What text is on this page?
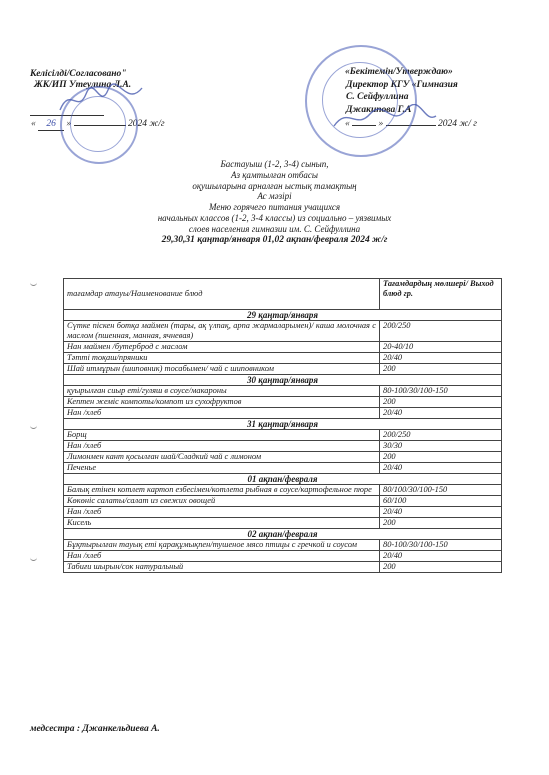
Келісілді/Согласовано"
ЖК/ИП Утеулина Л.А.
« 26 »	2024 ж/г
«Бекітемін/Утверждаю»
Директор КГУ «Гимназия
С. Сейфуллина
Джакипова Г.А
«	»	2024 ж/ г
Бастауыш (1-2, 3-4) сынып,
Аз қамтылған отбасы
оқушыларына арналған ыстық тамақтың
Ас мәзірі
Меню горячего питания учащихся
начальных классов (1-2, 3-4 классы) из социально – уязвимых
слоев населения гимназии им. С. Сейфуллина
29,30,31 қаңтар/января 01,02 ақпан/февраля 2024 ж/г
тағамдар атауы/Наименование блюд	Тағамдардың мөлшері/ Выход блюд гр.
29 қаңтар/января	
Сүтке піскен ботқа маймен (тары, ақ үлпақ, арпа жармаларымен)/ каша молочная с маслом (пшенная, манная, ячневая)	200/250
Нан маймен /бутерброд с маслом	20-40/10
Тәтті тоқаш/пряники	20/40
Шай итмұрын (шиповник) тосабымен/ чай с шиповником	200
30 қаңтар/января	
қуырылған сиыр еті/гуляш в соусе/макароны	80-100/30/100-150
Кептен жеміс компоты/компот из сухофруктов	200
Нан /хлеб	20/40
31 қаңтар/января	
Борщ	200/250
Нан /хлеб	30/30
Лимонмен кант қосылған шай/Сладкий чай с лимоном	200
Печенье	20/40
01 ақпан/февраля	
Балық етінен котлет картоп езбесімен/котлета рыбная в соусе/картофельное пюре	80/100/30/100-150
Көкөніс салаты/салат из свежих овощей	60/100
Нан /хлеб	20/40
Кисель	200
02 ақпан/февраля	
Бұқтырылған тауық еті қарақұмықпен/тушеное мясо птицы с гречкой и соусом	80-100/30/100-150
Нан /хлеб	20/40
Табиғи шырын/сок натуральный	200
медсестра : Джанкельдиева А.
